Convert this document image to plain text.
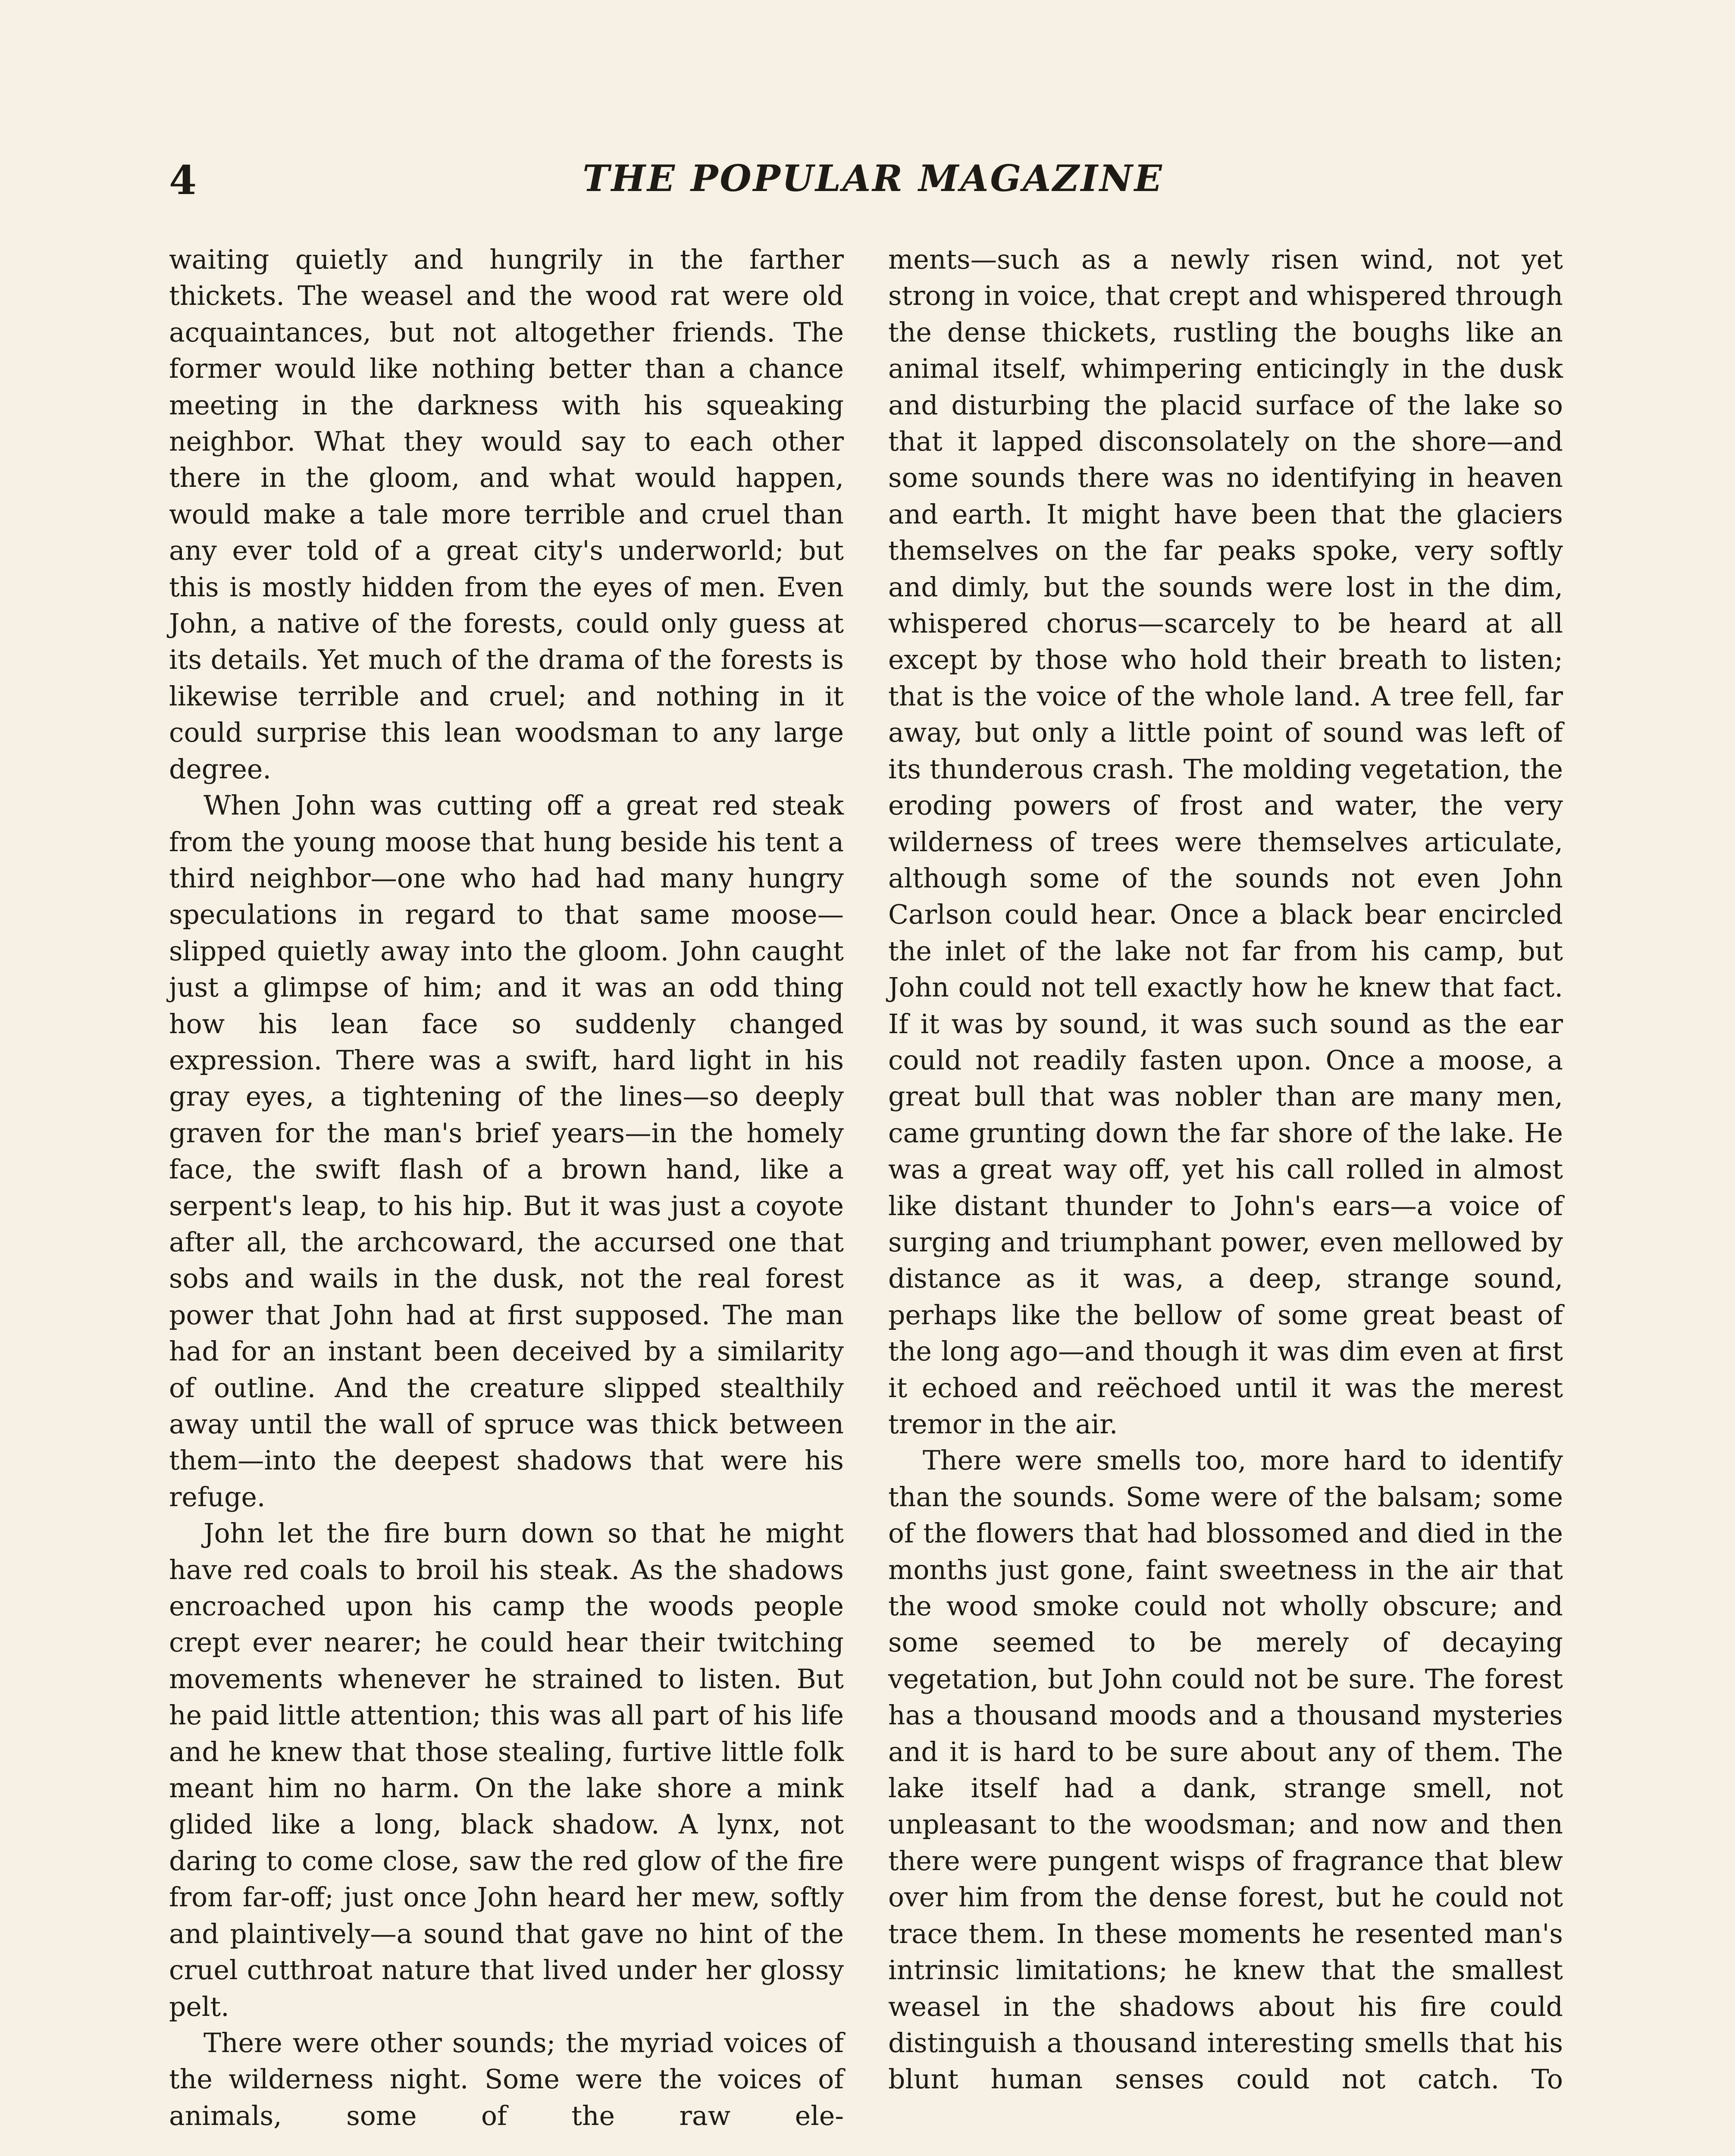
4	THE POPULAR MAGAZINE

waiting quietly and hungrily in the farther thickets. The weasel and the wood rat were old acquaintances, but not altogether friends. The former would like nothing better than a chance meeting in the darkness with his squeaking neighbor. What they would say to each other there in the gloom, and what would happen, would make a tale more terrible and cruel than any ever told of a great city's underworld; but this is mostly hidden from the eyes of men. Even John, a native of the forests, could only guess at its details. Yet much of the drama of the forests is likewise terrible and cruel; and nothing in it could surprise this lean woodsman to any large degree.

When John was cutting off a great red steak from the young moose that hung beside his tent a third neighbor—one who had had many hungry speculations in regard to that same moose—slipped quietly away into the gloom. John caught just a glimpse of him; and it was an odd thing how his lean face so suddenly changed expression. There was a swift, hard light in his gray eyes, a tightening of the lines—so deeply graven for the man's brief years—in the homely face, the swift flash of a brown hand, like a serpent's leap, to his hip. But it was just a coyote after all, the archcoward, the accursed one that sobs and wails in the dusk, not the real forest power that John had at first supposed. The man had for an instant been deceived by a similarity of outline. And the creature slipped stealthily away until the wall of spruce was thick between them—into the deepest shadows that were his refuge.

John let the fire burn down so that he might have red coals to broil his steak. As the shadows encroached upon his camp the woods people crept ever nearer; he could hear their twitching movements whenever he strained to listen. But he paid little attention; this was all part of his life and he knew that those stealing, furtive little folk meant him no harm. On the lake shore a mink glided like a long, black shadow. A lynx, not daring to come close, saw the red glow of the fire from far-off; just once John heard her mew, softly and plaintively—a sound that gave no hint of the cruel cutthroat nature that lived under her glossy pelt.

There were other sounds; the myriad voices of the wilderness night. Some were the voices of animals, some of the raw ele-

ments—such as a newly risen wind, not yet strong in voice, that crept and whispered through the dense thickets, rustling the boughs like an animal itself, whimpering enticingly in the dusk and disturbing the placid surface of the lake so that it lapped disconsolately on the shore—and some sounds there was no identifying in heaven and earth. It might have been that the glaciers themselves on the far peaks spoke, very softly and dimly, but the sounds were lost in the dim, whispered chorus—scarcely to be heard at all except by those who hold their breath to listen; that is the voice of the whole land. A tree fell, far away, but only a little point of sound was left of its thunderous crash. The molding vegetation, the eroding powers of frost and water, the very wilderness of trees were themselves articulate, although some of the sounds not even John Carlson could hear. Once a black bear encircled the inlet of the lake not far from his camp, but John could not tell exactly how he knew that fact. If it was by sound, it was such sound as the ear could not readily fasten upon. Once a moose, a great bull that was nobler than are many men, came grunting down the far shore of the lake. He was a great way off, yet his call rolled in almost like distant thunder to John's ears—a voice of surging and triumphant power, even mellowed by distance as it was, a deep, strange sound, perhaps like the bellow of some great beast of the long ago—and though it was dim even at first it echoed and reëchoed until it was the merest tremor in the air.

There were smells too, more hard to identify than the sounds. Some were of the balsam; some of the flowers that had blossomed and died in the months just gone, faint sweetness in the air that the wood smoke could not wholly obscure; and some seemed to be merely of decaying vegetation, but John could not be sure. The forest has a thousand moods and a thousand mysteries and it is hard to be sure about any of them. The lake itself had a dank, strange smell, not unpleasant to the woodsman; and now and then there were pungent wisps of fragrance that blew over him from the dense forest, but he could not trace them. In these moments he resented man's intrinsic limitations; he knew that the smallest weasel in the shadows about his fire could distinguish a thousand interesting smells that his blunt human senses could not catch. To
